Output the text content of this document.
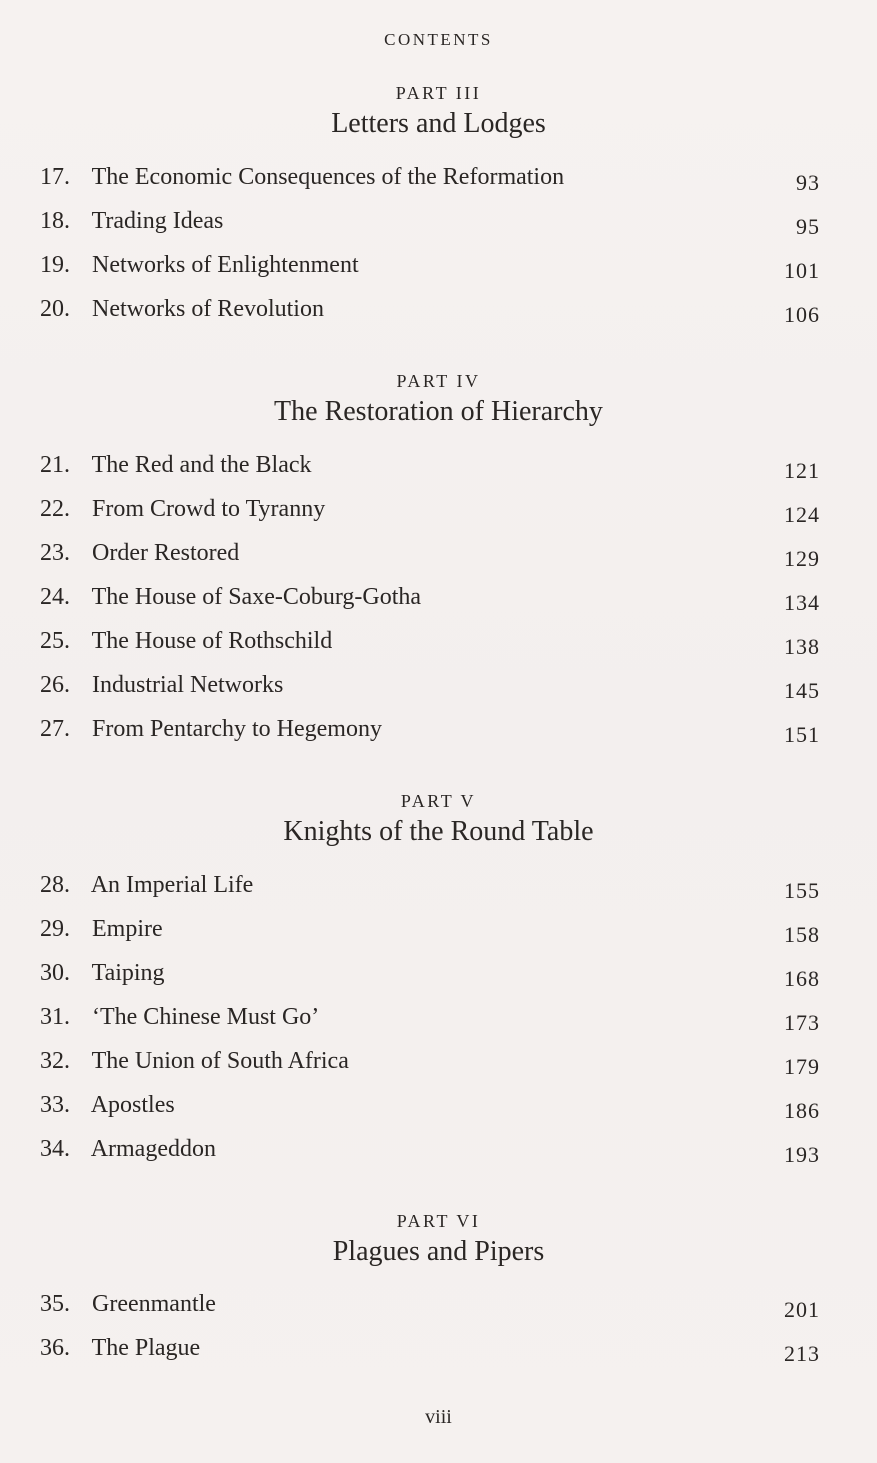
CONTENTS
PART III
Letters and Lodges
17. The Economic Consequences of the Reformation	93
18. Trading Ideas	95
19. Networks of Enlightenment	101
20. Networks of Revolution	106
PART IV
The Restoration of Hierarchy
21. The Red and the Black	121
22. From Crowd to Tyranny	124
23. Order Restored	129
24. The House of Saxe-Coburg-Gotha	134
25. The House of Rothschild	138
26. Industrial Networks	145
27. From Pentarchy to Hegemony	151
PART V
Knights of the Round Table
28. An Imperial Life	155
29. Empire	158
30. Taiping	168
31. ‘The Chinese Must Go’	173
32. The Union of South Africa	179
33. Apostles	186
34. Armageddon	193
PART VI
Plagues and Pipers
35. Greenmantle	201
36. The Plague	213
viii
